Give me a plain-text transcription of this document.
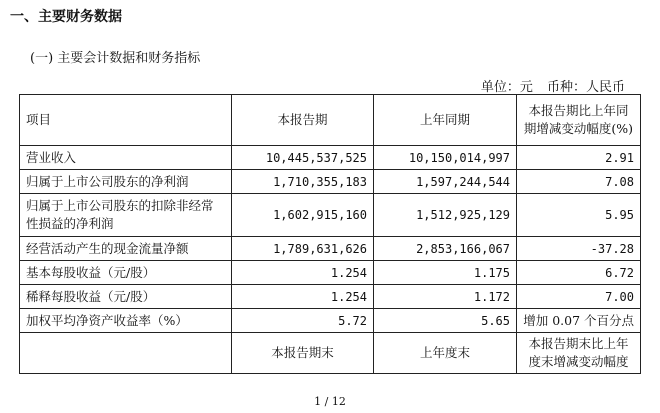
一、主要财务数据
(一) 主要会计数据和财务指标
单位：元 币种：人民币
项目	本报告期	上年同期	本报告期比上年同期增减变动幅度(%)
营业收入	10,445,537,525	10,150,014,997	2.91
归属于上市公司股东的净利润	1,710,355,183	1,597,244,544	7.08
归属于上市公司股东的扣除非经常性损益的净利润	1,602,915,160	1,512,925,129	5.95
经营活动产生的现金流量净额	1,789,631,626	2,853,166,067	-37.28
基本每股收益（元/股）	1.254	1.175	6.72
稀释每股收益（元/股）	1.254	1.172	7.00
加权平均净资产收益率（%）	5.72	5.65	增加 0.07 个百分点
	本报告期末	上年度末	本报告期末比上年度末增减变动幅度
1 / 12
